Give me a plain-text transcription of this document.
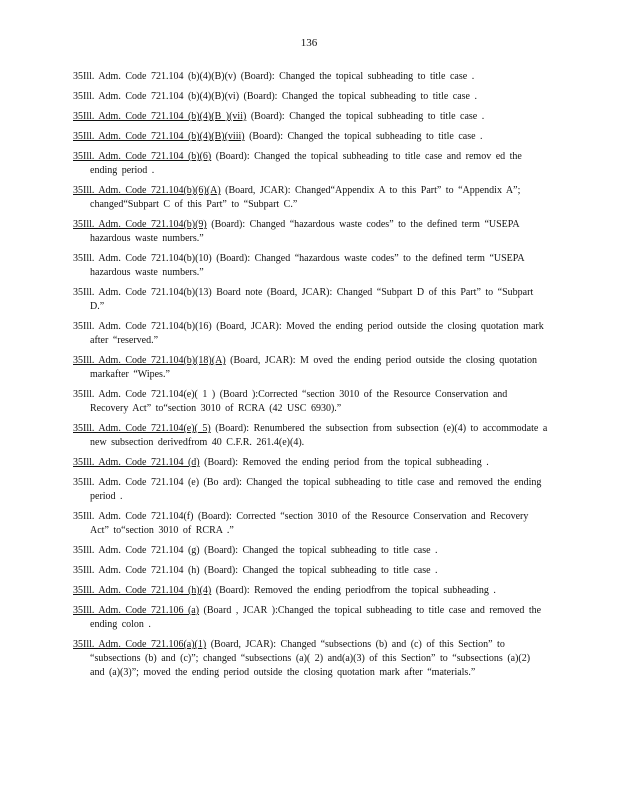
136

35Ill. Adm. Code 721.104 (b)(4)(B)(v) (Board): Changed the topical subheading to title case .

35Ill. Adm. Code 721.104 (b)(4)(B)(vi) (Board): Changed the topical subheading to title case .

35Ill. Adm. Code 721.104 (b)(4)(B )(vii) (Board): Changed the topical subheading to title case .

35Ill. Adm. Code 721.104 (b)(4)(B)(viii) (Board): Changed the topical subheading to title case .

35Ill. Adm. Code 721.104 (b)(6) (Board): Changed the topical subheading to title case and remov ed the ending period .

35Ill. Adm. Code 721.104(b)(6)(A) (Board, JCAR): Changed“Appendix A to this Part” to “Appendix A”; changed“Subpart C of this Part” to “Subpart C.”

35Ill. Adm. Code 721.104(b)(9) (Board): Changed “hazardous waste codes” to the defined term “USEPA hazardous waste numbers.”

35Ill. Adm. Code 721.104(b)(10) (Board): Changed “hazardous waste codes” to the defined term “USEPA hazardous waste numbers.”

35Ill. Adm. Code 721.104(b)(13) Board note (Board, JCAR): Changed “Subpart D of this Part” to “Subpart D.”

35Ill. Adm. Code 721.104(b)(16) (Board, JCAR): Moved the ending period outside the closing quotation mark after “reserved.”

35Ill. Adm. Code 721.104(b)(18)(A) (Board, JCAR): M oved the ending period outside the closing quotation markafter “Wipes.”

35Ill. Adm. Code 721.104(e)( 1 ) (Board ):Corrected “section 3010 of the Resource Conservation and Recovery Act” to“section 3010 of RCRA (42 USC 6930).”

35Ill. Adm. Code 721.104(e)( 5) (Board): Renumbered the subsection from subsection (e)(4) to accommodate a new subsection derivedfrom 40 C.F.R. 261.4(e)(4).

35Ill. Adm. Code 721.104 (d) (Board): Removed the ending period from the topical subheading .

35Ill. Adm. Code 721.104 (e) (Bo ard): Changed the topical subheading to title case and removed the ending period .

35Ill. Adm. Code 721.104(f) (Board): Corrected “section 3010 of the Resource Conservation and Recovery Act” to“section 3010 of RCRA .”

35Ill. Adm. Code 721.104 (g) (Board): Changed the topical subheading to title case .

35Ill. Adm. Code 721.104 (h) (Board): Changed the topical subheading to title case .

35Ill. Adm. Code 721.104 (h)(4) (Board): Removed the ending periodfrom the topical subheading .

35Ill. Adm. Code 721.106 (a) (Board , JCAR ):Changed the topical subheading to title case and removed the ending colon .

35Ill. Adm. Code 721.106(a)(1) (Board, JCAR): Changed “subsections (b) and (c) of this Section” to “subsections (b) and (c)”; changed “subsections (a)( 2) and(a)(3) of this Section” to “subsections (a)(2) and (a)(3)”; moved the ending period outside the closing quotation mark after “materials.”
